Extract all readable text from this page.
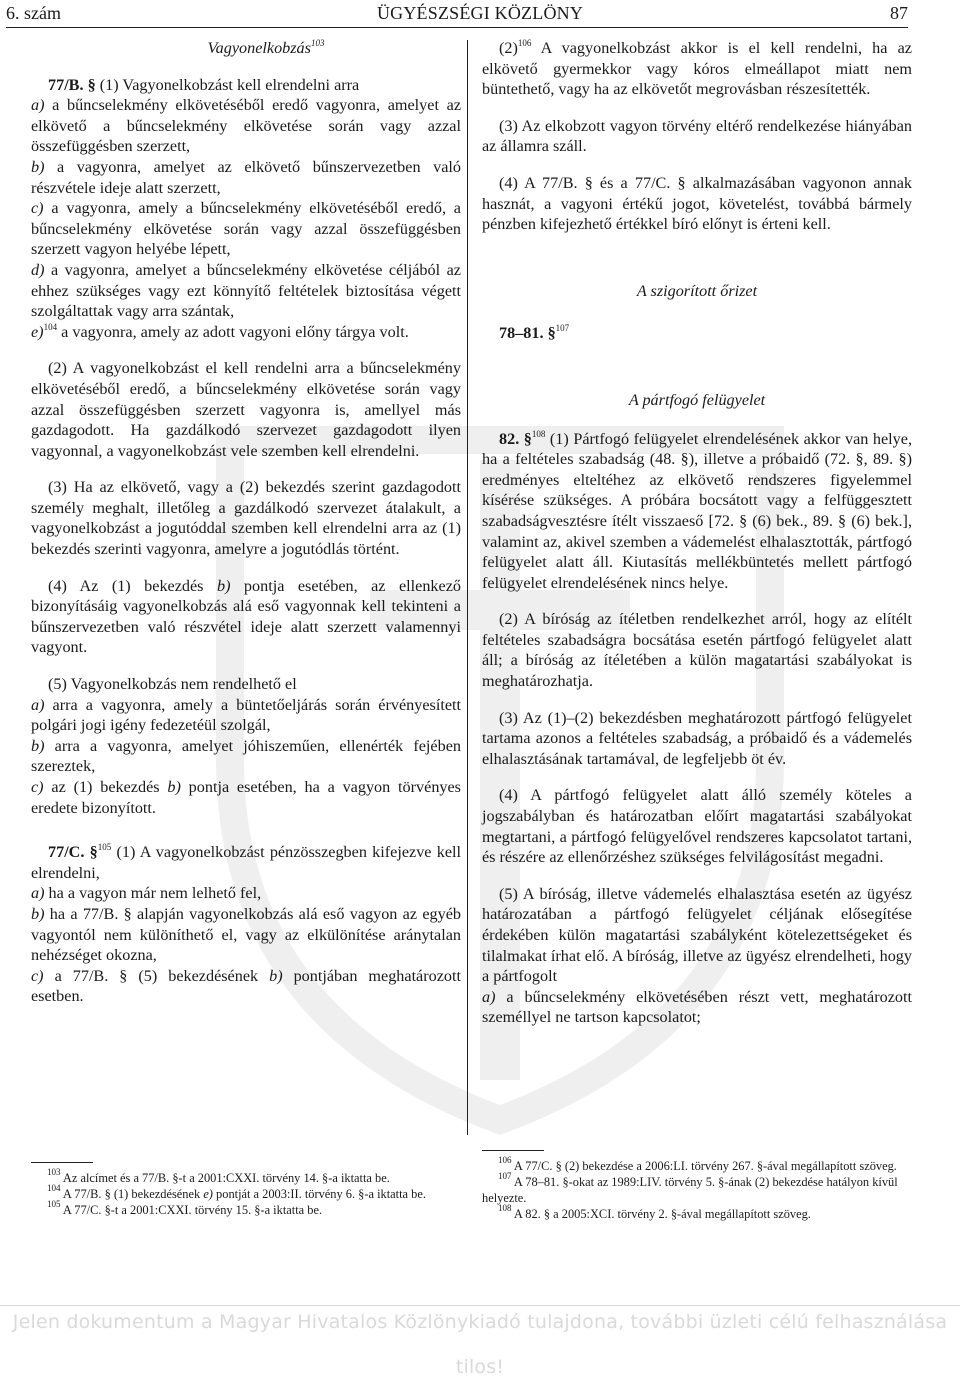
ÜGYÉSZSÉGI KÖZLÖNY
6. szám	87

Vagyonelkobzás$^{103}$

77/B. § (1) Vagyonelkobzást kell elrendelni arra

a) a bűncselekmény elkövetéséből eredő vagyonra, amelyet az elkövető a bűncselekmény elkövetése során vagy azzal összefüggésben szerzett,

b) a vagyonra, amelyet az elkövető bűnszervezetben való részvétele ideje alatt szerzett,

c) a vagyonra, amely a bűncselekmény elkövetéséből eredő, a bűncselekmény elkövetése során vagy azzal összefüggésben szerzett vagyon helyébe lépett,

d) a vagyonra, amelyet a bűncselekmény elkövetése céljából az ehhez szükséges vagy ezt könnyítő feltételek biztosítása végett szolgáltattak vagy arra szántak,

e)$^{104}$ a vagyonra, amely az adott vagyoni előny tárgya volt.

(2) A vagyonelkobzást el kell rendelni arra a bűncselekmény elkövetéséből eredő, a bűncselekmény elkövetése során vagy azzal összefüggésben szerzett vagyonra is, amellyel más gazdagodott. Ha gazdálkodó szervezet gazdagodott ilyen vagyonnal, a vagyonelkobzást vele szemben kell elrendelni.

(3) Ha az elkövető, vagy a (2) bekezdés szerint gazdagodott személy meghalt, illetőleg a gazdálkodó szervezet átalakult, a vagyonelkobzást a jogutóddal szemben kell elrendelni arra az (1) bekezdés szerinti vagyonra, amelyre a jogutódlás történt.

(4) Az (1) bekezdés b) pontja esetében, az ellenkező bizonyításáig vagyonelkobzás alá eső vagyonnak kell tekinteni a bűnszervezetben való részvétel ideje alatt szerzett valamennyi vagyont.

(5) Vagyonelkobzás nem rendelhető el

a) arra a vagyonra, amely a büntetőeljárás során érvényesített polgári jogi igény fedezetéül szolgál,

b) arra a vagyonra, amelyet jóhiszeműen, ellenérték fejében szereztek,

c) az (1) bekezdés b) pontja esetében, ha a vagyon törvényes eredete bizonyított.

77/C. §$^{105}$ (1) A vagyonelkobzást pénzösszegben kifejezve kell elrendelni,

a) ha a vagyon már nem lelhető fel,

b) ha a 77/B. § alapján vagyonelkobzás alá eső vagyon az egyéb vagyontól nem különíthető el, vagy az elkülönítése aránytalan nehézséget okozna,

c) a 77/B. § (5) bekezdésének b) pontjában meghatározott esetben.

$(2)^{106}$ A vagyonelkobzást akkor is el kell rendelni, ha az elkövető gyermekkor vagy kóros elmeállapot miatt nem büntethető, vagy ha az elkövetőt megrovásban részesítették.

(3) Az elkobzott vagyon törvény eltérő rendelkezése hiányában az államra száll.

(4) A 77/B. § és a 77/C. § alkalmazásában vagyonon annak hasznát, a vagyoni értékű jogot, követelést, továbbá bármely pénzben kifejezhető értékkel bíró előnyt is érteni kell.

A szigorított őrizet

78–81. §$^{107}$

A pártfogó felügyelet

82. §$^{108}$ (1) Pártfogó felügyelet elrendelésének akkor van helye, ha a feltételes szabadság (48. §), illetve a próbaidő (72. §, 89. §) eredményes elteltéhez az elkövető rendszeres figyelemmel kísérése szükséges. A próbára bocsátott vagy a felfüggesztett szabadságvesztésre ítélt visszaeső [72. § (6) bek., 89. § (6) bek.], valamint az, akivel szemben a vádemelést elhalasztották, pártfogó felügyelet alatt áll. Kiutasítás mellékbüntetés mellett pártfogó felügyelet elrendelésének nincs helye.

(2) A bíróság az ítéletben rendelkezhet arról, hogy az elítélt feltételes szabadságra bocsátása esetén pártfogó felügyelet alatt áll; a bíróság az ítéletében a külön magatartási szabályokat is meghatározhatja.

(3) Az (1)–(2) bekezdésben meghatározott pártfogó felügyelet tartama azonos a feltételes szabadság, a próbaidő és a vádemelés elhalasztásának tartamával, de legfeljebb öt év.

(4) A pártfogó felügyelet alatt álló személy köteles a jogszabályban és határozatban előírt magatartási szabályokat megtartani, a pártfogó felügyelővel rendszeres kapcsolatot tartani, és részére az ellenőrzéshez szükséges felvilágosítást megadni.

(5) A bíróság, illetve vádemelés elhalasztása esetén az ügyész határozatában a pártfogó felügyelet céljának elősegítése érdekében külön magatartási szabályként kötelezettségeket és tilalmakat írhat elő. A bíróság, illetve az ügyész elrendelheti, hogy a pártfogolt

a) a bűncselekmény elkövetésében részt vett, meghatározott személlyel ne tartson kapcsolatot;

$^{103}$ Az alcímet és a 77/B. §-t a 2001:CXXI. törvény 14. §-a iktatta be.

$^{104}$ A 77/B. § (1) bekezdésének e) pontját a 2003:II. törvény 6. §-a iktatta be.

$^{105}$ A 77/C. §-t a 2001:CXXI. törvény 15. §-a iktatta be.

$^{106}$ A 77/C. § (2) bekezdése a 2006:LI. törvény 267. §-ával megállapított szöveg.

$^{107}$ A 78–81. §-okat az 1989:LIV. törvény 5. §-ának (2) bekezdése hatályon kívül helyezte.

$^{108}$ A 82. § a 2005:XCI. törvény 2. §-ával megállapított szöveg.

Jelen dokumentum a Magyar Hivatalos Közlönykiadó tulajdona, további üzleti célú felhasználása tilos!
